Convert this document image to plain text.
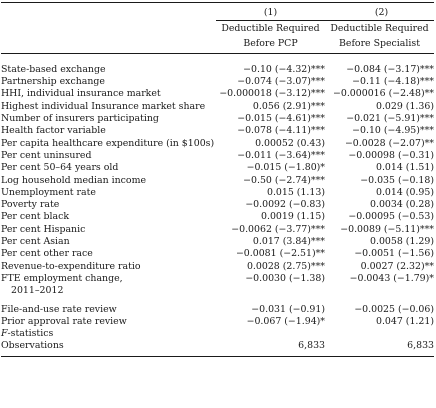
	(1)	(2)
	Deductible Required	Deductible Required
	Before PCP	Before Specialist

State-based exchange	−0.10 (−4.32)***	−0.084 (−3.17)***
Partnership exchange	−0.074 (−3.07)***	−0.11 (−4.18)***
HHI, individual insurance market	−0.000018 (−3.12)***	−0.000016 (−2.48)**
Highest individual Insurance market share	0.056 (2.91)***	0.029 (1.36)
Number of insurers participating	−0.015 (−4.61)***	−0.021 (−5.91)***
Health factor variable	−0.078 (−4.11)***	−0.10 (−4.95)***
Per capita healthcare expenditure (in $100s)	0.00052 (0.43)	−0.0028 (−2.07)**
Per cent uninsured	−0.011 (−3.64)***	−0.00098 (−0.31)
Per cent 50–64 years old	−0.015 (−1.80)*	0.014 (1.51)
Log household median income	−0.50 (−2.74)***	−0.035 (−0.18)
Unemployment rate	0.015 (1.13)	0.014 (0.95)
Poverty rate	−0.0092 (−0.83)	0.0034 (0.28)
Per cent black	0.0019 (1.15)	−0.00095 (−0.53)
Per cent Hispanic	−0.0062 (−3.77)***	−0.0089 (−5.11)***
Per cent Asian	0.017 (3.84)***	0.0058 (1.29)
Per cent other race	−0.0081 (−2.51)**	−0.0051 (−1.56)
Revenue-to-expenditure ratio	0.0028 (2.75)***	0.0027 (2.32)**
FTE employment change,	−0.0030 (−1.38)	−0.0043 (−1.79)*
2011–2012		

File-and-use rate review	−0.031 (−0.91)	−0.0025 (−0.06)
Prior approval rate review	−0.067 (−1.94)*	0.047 (1.21)
F-statistics		
Observations	6,833	6,833
